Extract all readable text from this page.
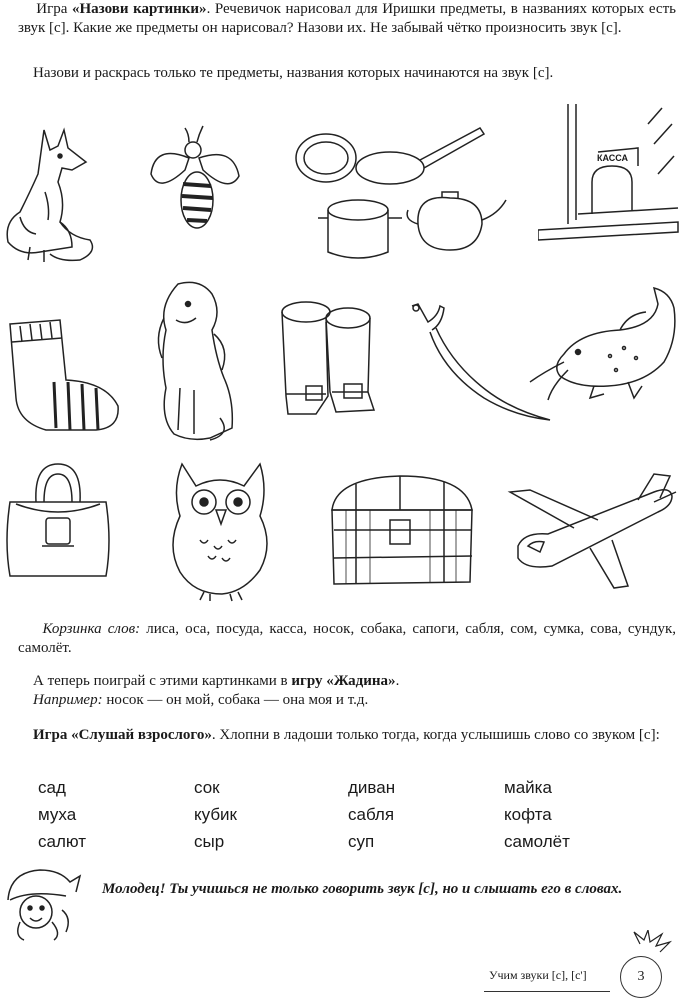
Игра «Назови картинки». Речевичок нарисовал для Иришки предметы, в названиях которых есть звук [с]. Какие же предметы он нарисовал? Назови их. Не забывай чётко произносить звук [с].

Назови и раскрась только те предметы, названия которых начинаются на звук [с].

КАССА

Корзинка слов: лиса, оса, посуда, касса, носок, собака, сапоги, сабля, сом, сумка, сова, сундук, самолёт.

А теперь поиграй с этими картинками в игру «Жадина».
Например: носок — он мой, собака — она моя и т.д.

Игра «Слушай взрослого». Хлопни в ладоши только тогда, когда услышишь слово со звуком [с]:

сад	сок	диван	майка
муха	кубик	сабля	кофта
салют	сыр	суп	самолёт
Молодец! Ты учишься не только говорить звук [с], но и слышать его в словах.
Учим звуки [с], [с']	3
